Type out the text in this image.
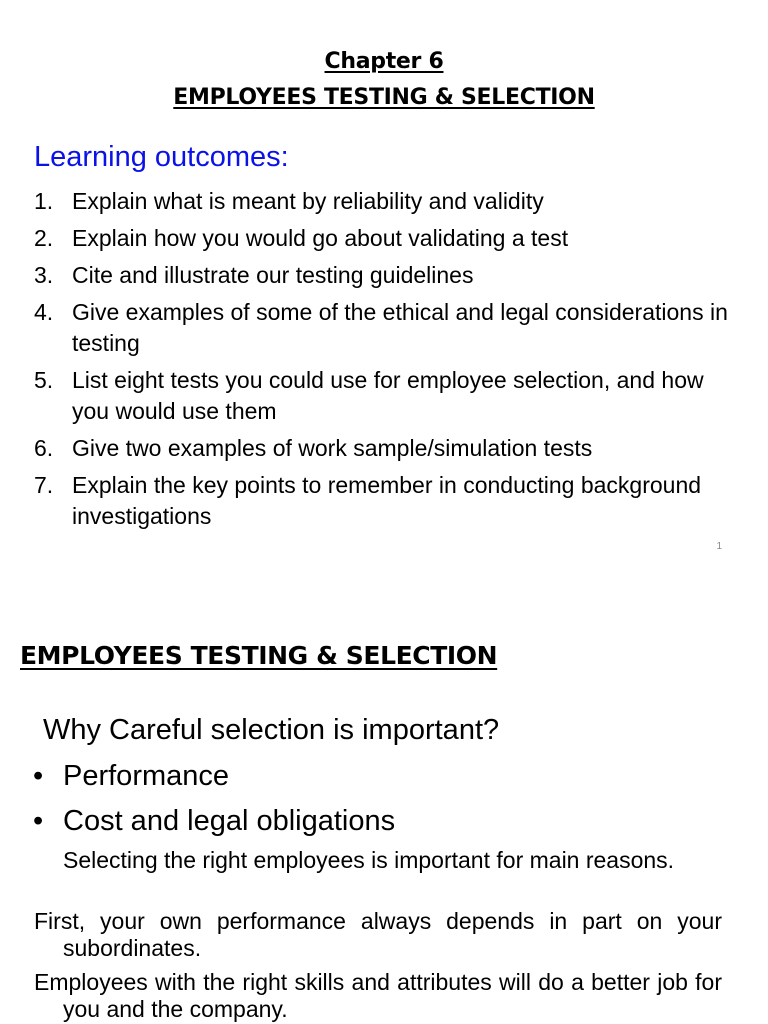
Chapter 6
EMPLOYEES TESTING & SELECTION
Learning outcomes:
1. Explain what is meant by reliability and validity
2. Explain how you would go about validating a test
3. Cite and illustrate our testing guidelines
4. Give examples of some of the ethical and legal considerations in testing
5. List eight tests you could use for employee selection, and how you would use them
6. Give two examples of work sample/simulation tests
7. Explain the key points to remember in conducting background investigations
1
EMPLOYEES TESTING & SELECTION

Why Careful selection is important?

• Performance
• Cost and legal obligations

Selecting the right employees is important for main reasons.

First, your own performance always depends in part on your subordinates.

Employees with the right skills and attributes will do a better job for you and the company.
